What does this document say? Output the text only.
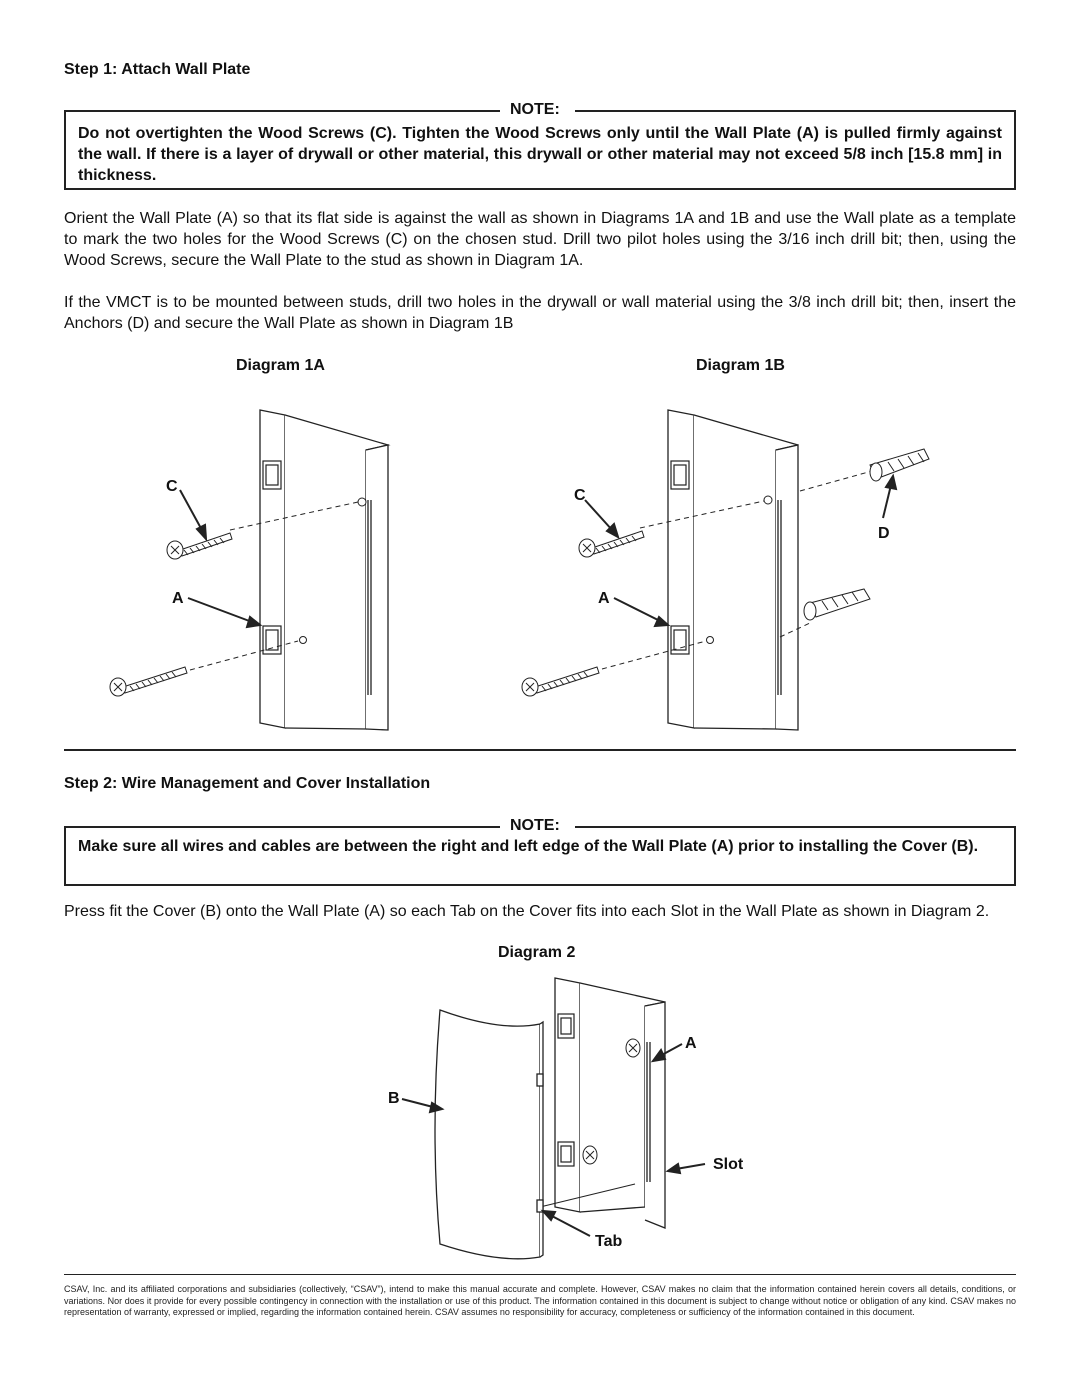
Step 1: Attach Wall Plate
NOTE:
Do not overtighten the Wood Screws (C). Tighten the Wood Screws only until the Wall Plate (A) is pulled firmly against the wall. If there is a layer of drywall or other material, this drywall or other material may not exceed 5/8 inch [15.8 mm] in thickness.
Orient the Wall Plate (A) so that its flat side is against the wall as shown in Diagrams 1A and 1B and use the Wall plate as a template to mark the two holes for the Wood Screws (C) on the chosen stud. Drill two pilot holes using the 3/16 inch drill bit; then, using the Wood Screws, secure the Wall Plate to the stud as shown in Diagram 1A.
If the VMCT is to be mounted between studs, drill two holes in the drywall or wall material using the 3/8 inch drill bit; then, insert the Anchors (D) and secure the Wall Plate as shown in Diagram 1B
Diagram 1A	Diagram 1B
C
A
C
D
A
Step 2: Wire Management and Cover Installation
NOTE:
Make sure all wires and cables are between the right and left edge of the Wall Plate (A) prior to installing the Cover (B).
Press fit the Cover (B) onto the Wall Plate (A) so each Tab on the Cover fits into each Slot in the Wall Plate as shown in Diagram 2.
Diagram 2
A
B
Slot
Tab
CSAV, Inc. and its affiliated corporations and subsidiaries (collectively, “CSAV”), intend to make this manual accurate and complete. However, CSAV makes no claim that the information contained herein covers all details, conditions, or variations. Nor does it provide for every possible contingency in connection with the installation or use of this product. The information contained in this document is subject to change without notice or obligation of any kind. CSAV makes no representation of warranty, expressed or implied, regarding the information contained herein. CSAV assumes no responsibility for accuracy, completeness or sufficiency of the information contained in this document.
